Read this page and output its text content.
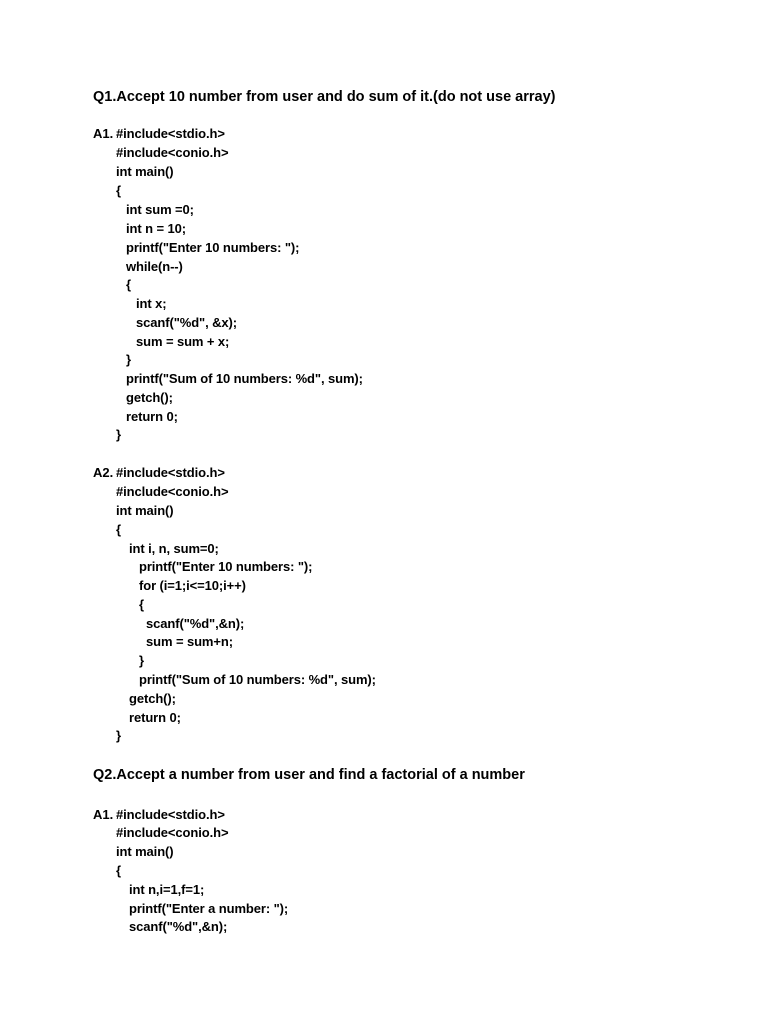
Q1.Accept 10 number from user and do sum of it.(do not use array)
A1. #include<stdio.h>
#include<conio.h>
int main()
{
int sum =0;
int n = 10;
printf("Enter 10 numbers: ");
while(n--)
{
int x;
scanf("%d", &x);
sum = sum + x;
}
printf("Sum of 10 numbers: %d", sum);
getch();
return 0;
}
A2. #include<stdio.h>
#include<conio.h>
int main()
{
int i, n, sum=0;
printf("Enter 10 numbers: ");
for (i=1;i<=10;i++)
{
scanf("%d",&n);
sum = sum+n;
}
printf("Sum of 10 numbers: %d", sum);
getch();
return 0;
}
Q2.Accept a number from user and find a factorial of a number
A1. #include<stdio.h>
#include<conio.h>
int main()
{
int n,i=1,f=1;
printf("Enter a number: ");
scanf("%d",&n);
